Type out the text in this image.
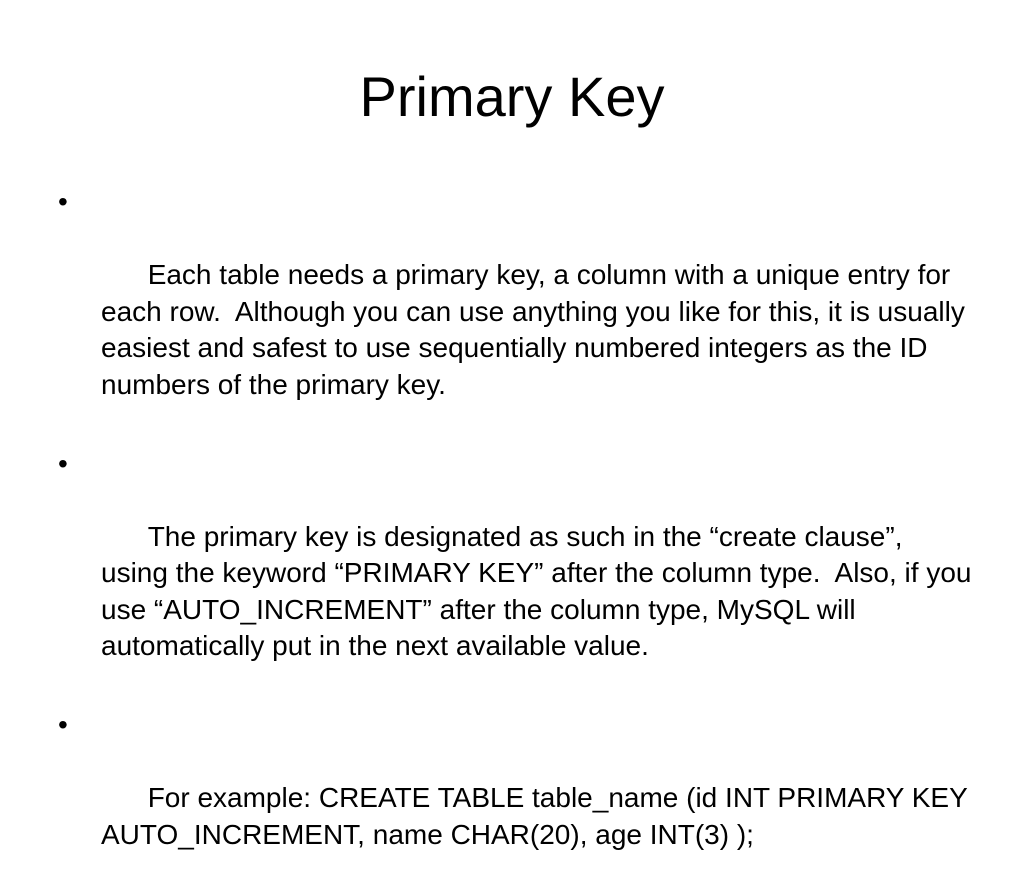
Primary Key

•

Each table needs a primary key, a column with a unique entry for each row.  Although you can use anything you like for this, it is usually easiest and safest to use sequentially numbered integers as the ID numbers of the primary key.

•

The primary key is designated as such in the “create clause”,  using the keyword “PRIMARY KEY” after the column type.  Also, if you use “AUTO_INCREMENT” after the column type, MySQL will automatically put in the next available value.

•

For example: CREATE TABLE table_name (id INT PRIMARY KEY AUTO_INCREMENT, name CHAR(20), age INT(3) );
